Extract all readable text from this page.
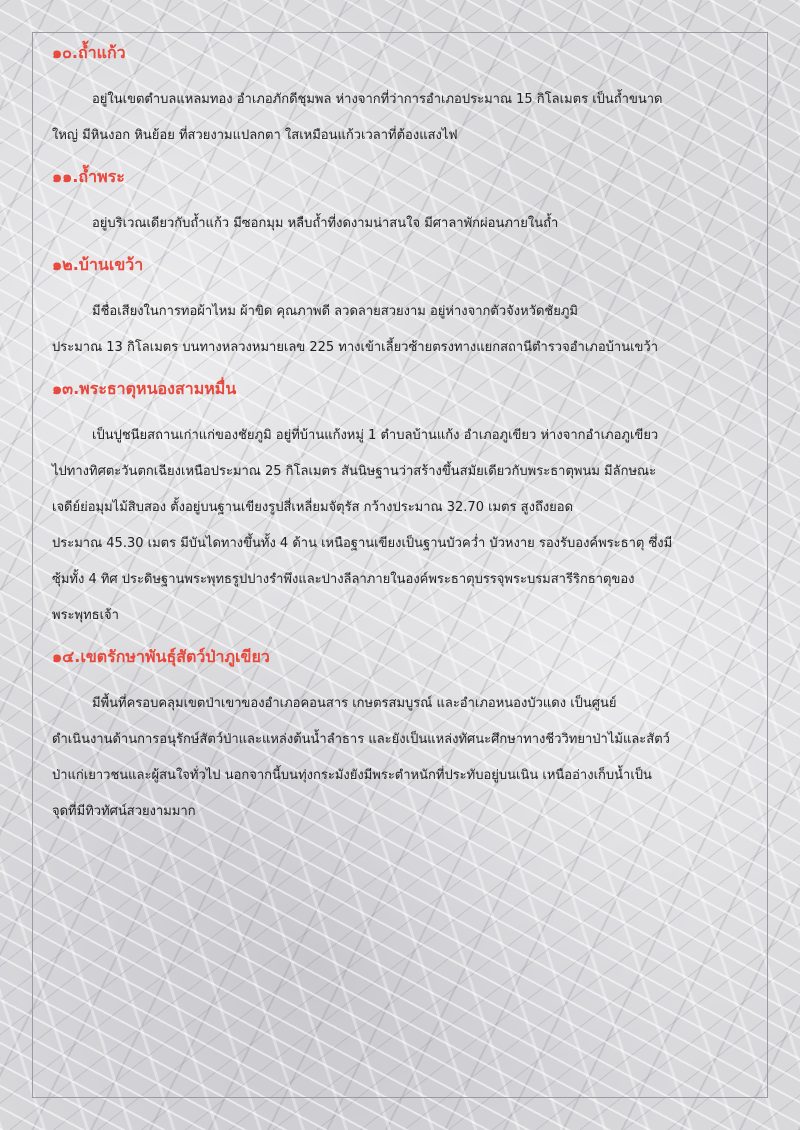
๑๐.ถ้ำแก้ว

อยู่ในเขตตำบลแหลมทอง อำเภอภักดีชุมพล ห่างจากที่ว่าการอำเภอประมาณ 15 กิโลเมตร เป็นถ้ำขนาด
ใหญ่ มีหินงอก หินย้อย ที่สวยงามแปลกตา ใสเหมือนแก้วเวลาที่ต้องแสงไฟ

๑๑.ถ้ำพระ

อยู่บริเวณเดียวกับถ้ำแก้ว มีซอกมุม หลืบถ้ำที่งดงามน่าสนใจ มีศาลาพักผ่อนภายในถ้ำ

๑๒.บ้านเขว้า

มีชื่อเสียงในการทอผ้าไหม ผ้าขิด คุณภาพดี ลวดลายสวยงาม อยู่ห่างจากตัวจังหวัดชัยภูมิ
ประมาณ 13 กิโลเมตร บนทางหลวงหมายเลข 225 ทางเข้าเลี้ยวซ้ายตรงทางแยกสถานีตำรวจอำเภอบ้านเขว้า

๑๓.พระธาตุหนองสามหมื่น

เป็นปูชนียสถานเก่าแก่ของชัยภูมิ อยู่ที่บ้านแก้งหมู่ 1 ตำบลบ้านแก้ง อำเภอภูเขียว ห่างจากอำเภอภูเขียว
ไปทางทิศตะวันตกเฉียงเหนือประมาณ 25 กิโลเมตร สันนิษฐานว่าสร้างขึ้นสมัยเดียวกับพระธาตุพนม มีลักษณะ
เจดีย์ย่อมุมไม้สิบสอง ตั้งอยู่บนฐานเขียงรูปสี่เหลี่ยมจัตุรัส กว้างประมาณ 32.70 เมตร สูงถึงยอด
ประมาณ 45.30 เมตร มีบันไดทางขึ้นทั้ง 4 ด้าน เหนือฐานเขียงเป็นฐานบัวคว่ำ บัวหงาย รองรับองค์พระธาตุ ซึ่งมี
ซุ้มทั้ง 4 ทิศ ประดิษฐานพระพุทธรูปปางรำพึงและปางลีลาภายในองค์พระธาตุบรรจุพระบรมสารีริกธาตุของ
พระพุทธเจ้า

๑๔.เขตรักษาพันธุ์สัตว์ป่าภูเขียว

มีพื้นที่ครอบคลุมเขตป่าเขาของอำเภอคอนสาร เกษตรสมบูรณ์ และอำเภอหนองบัวแดง เป็นศูนย์
ดำเนินงานด้านการอนุรักษ์สัตว์ป่าและแหล่งต้นน้ำลำธาร และยังเป็นแหล่งทัศนะศึกษาทางชีววิทยาป่าไม้และสัตว์
ป่าแก่เยาวชนและผู้สนใจทั่วไป นอกจากนี้บนทุ่งกระมังยังมีพระตำหนักที่ประทับอยู่บนเนิน เหนืออ่างเก็บน้ำเป็น
จุดที่มีทิวทัศน์สวยงามมาก
